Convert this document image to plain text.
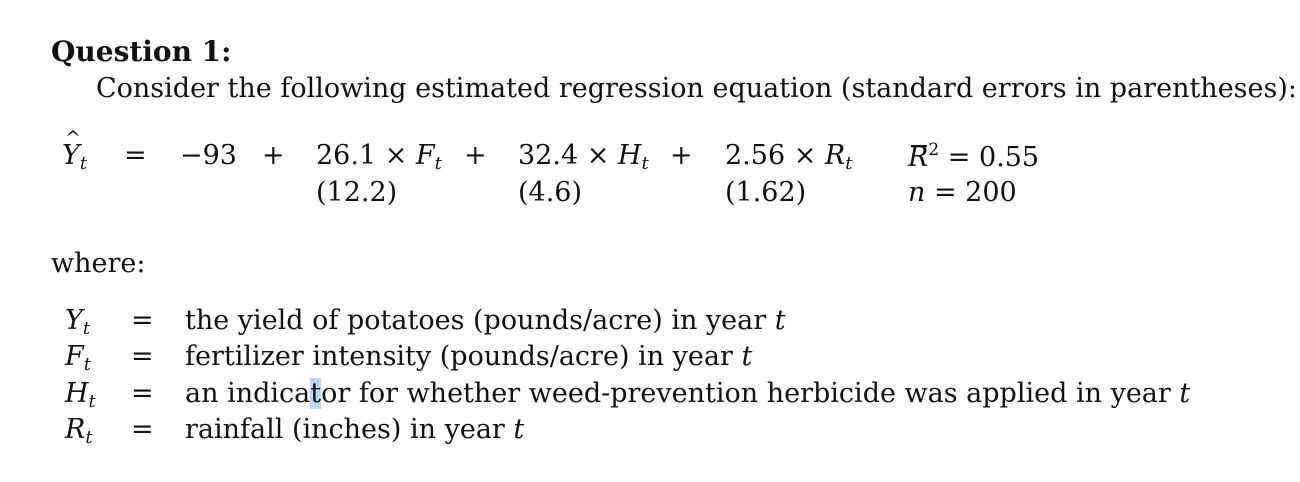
Question 1:
Consider the following estimated regression equation (standard errors in parentheses):
^ $Y_t = -93 + 26.1 \times F_t + 32.4 \times H_t + 2.56 \times R_t$ $R^2 = 0.55$
(12.2)	(4.6)	(1.62)	n = 200
where:
$Y_t$ = the yield of potatoes (pounds/acre) in year t
$F_t$ = fertilizer intensity (pounds/acre) in year t
$H_t$ = an indicator for whether weed-prevention herbicide was applied in year t
$R_t$ = rainfall (inches) in year t
